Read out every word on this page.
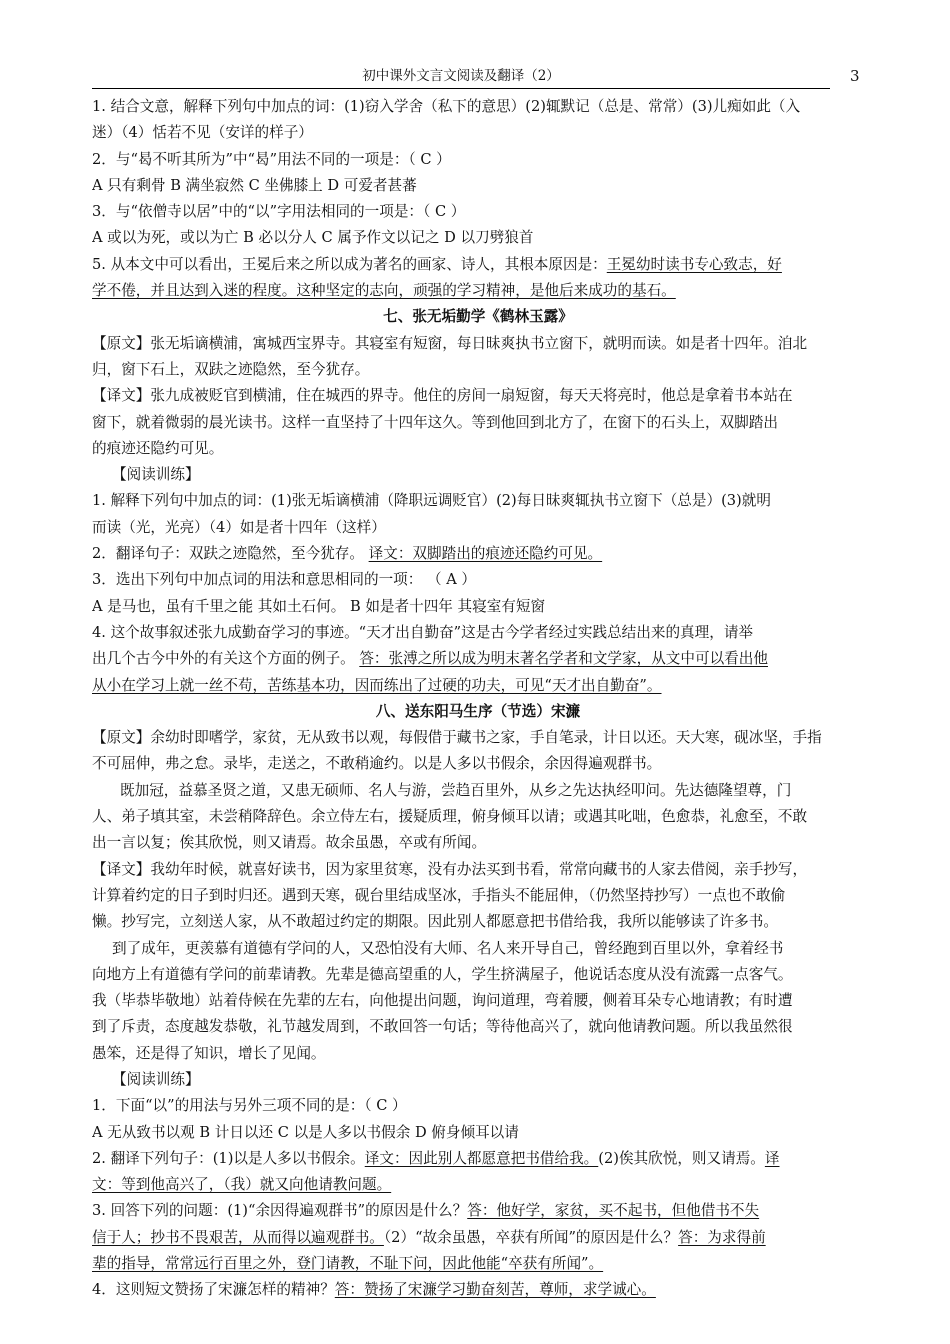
初中课外文言文阅读及翻译（2）	3
1. 结合文意，解释下列句中加点的词：(1)窃入学舍（私下的意思）(2)辄默记（总是、常常）(3)儿痴如此（入
迷）（4）恬若不见（安详的样子）
2．与“曷不听其所为”中“曷”用法不同的一项是：（ C ）
A 只有剩骨 B 满坐寂然 C 坐佛膝上 D 可爱者甚蕃
3．与“依僧寺以居”中的“以”字用法相同的一项是：（ C ）
A 或以为死，或以为亡 B 必以分人 C 属予作文以记之 D 以刀劈狼首
5. 从本文中可以看出，王冕后来之所以成为著名的画家、诗人，其根本原因是：王冕幼时读书专心致志，好
学不倦，并且达到入迷的程度。这种坚定的志向，顽强的学习精神，是他后来成功的基石。
七、张无垢勤学《鹤林玉露》
【原文】张无垢谪横浦，寓城西宝界寺。其寝室有短窗，每日昧爽执书立窗下，就明而读。如是者十四年。洎北
归，窗下石上，双趺之迹隐然，至今犹存。
【译文】张九成被贬官到横浦，住在城西的界寺。他住的房间一扇短窗，每天天将亮时，他总是拿着书本站在
窗下，就着微弱的晨光读书。这样一直坚持了十四年这久。等到他回到北方了，在窗下的石头上，双脚踏出
的痕迹还隐约可见。
【阅读训练】
1. 解释下列句中加点的词：(1)张无垢谪横浦（降职远调贬官）(2)每日昧爽辄执书立窗下（总是）(3)就明
而读（光，光亮）（4）如是者十四年（这样）
2．翻译句子：双趺之迹隐然，至今犹存。 译文：双脚踏出的痕迹还隐约可见。
3．选出下列句中加点词的用法和意思相同的一项： （ A ）
A 是马也，虽有千里之能 其如土石何。 B 如是者十四年 其寝室有短窗
4. 这个故事叙述张九成勤奋学习的事迹。“天才出自勤奋”这是古今学者经过实践总结出来的真理，请举
出几个古今中外的有关这个方面的例子。 答：张溥之所以成为明末著名学者和文学家，从文中可以看出他
从小在学习上就一丝不苟，苦练基本功，因而练出了过硬的功夫，可见“天才出自勤奋”。
八、送东阳马生序（节选）宋濂
【原文】余幼时即嗜学，家贫，无从致书以观，每假借于藏书之家，手自笔录，计日以还。天大寒，砚冰坚，手指
不可屈伸，弗之怠。录毕，走送之，不敢稍逾约。以是人多以书假余，余因得遍观群书。
既加冠，益慕圣贤之道，又患无硕师、名人与游，尝趋百里外，从乡之先达执经叩问。先达德隆望尊，门
人、弟子填其室，未尝稍降辞色。余立侍左右，援疑质理，俯身倾耳以请；或遇其叱咄，色愈恭，礼愈至，不敢
出一言以复；俟其欣悦，则又请焉。故余虽愚，卒或有所闻。
【译文】我幼年时候，就喜好读书，因为家里贫寒，没有办法买到书看，常常向藏书的人家去借阅，亲手抄写，
计算着约定的日子到时归还。遇到天寒，砚台里结成坚冰，手指头不能屈伸，（仍然坚持抄写）一点也不敢偷
懒。抄写完，立刻送人家，从不敢超过约定的期限。因此别人都愿意把书借给我，我所以能够读了许多书。
到了成年，更羡慕有道德有学问的人，又恐怕没有大师、名人来开导自己，曾经跑到百里以外，拿着经书
向地方上有道德有学问的前辈请教。先辈是德高望重的人，学生挤满屋子，他说话态度从没有流露一点客气。
我（毕恭毕敬地）站着侍候在先辈的左右，向他提出问题，询问道理，弯着腰，侧着耳朵专心地请教；有时遭
到了斥责，态度越发恭敬，礼节越发周到，不敢回答一句话；等待他高兴了，就向他请教问题。所以我虽然很
愚笨，还是得了知识，增长了见闻。
【阅读训练】
1．下面“以”的用法与另外三项不同的是：（ C ）
A 无从致书以观 B 计日以还 C 以是人多以书假余 D 俯身倾耳以请
2. 翻译下列句子：(1)以是人多以书假余。译文：因此别人都愿意把书借给我。(2)俟其欣悦，则又请焉。译
文：等到他高兴了，（我）就又向他请教问题。
3. 回答下列的问题：(1)“余因得遍观群书”的原因是什么？答：他好学，家贫，买不起书，但他借书不失
信于人；抄书不畏艰苦，从而得以遍观群书。（2）“故余虽愚，卒获有所闻”的原因是什么？答：为求得前
辈的指导，常常远行百里之外，登门请教，不耻下问，因此他能“卒获有所闻”。
4．这则短文赞扬了宋濂怎样的精神？答：赞扬了宋濂学习勤奋刻苦，尊师，求学诚心。
